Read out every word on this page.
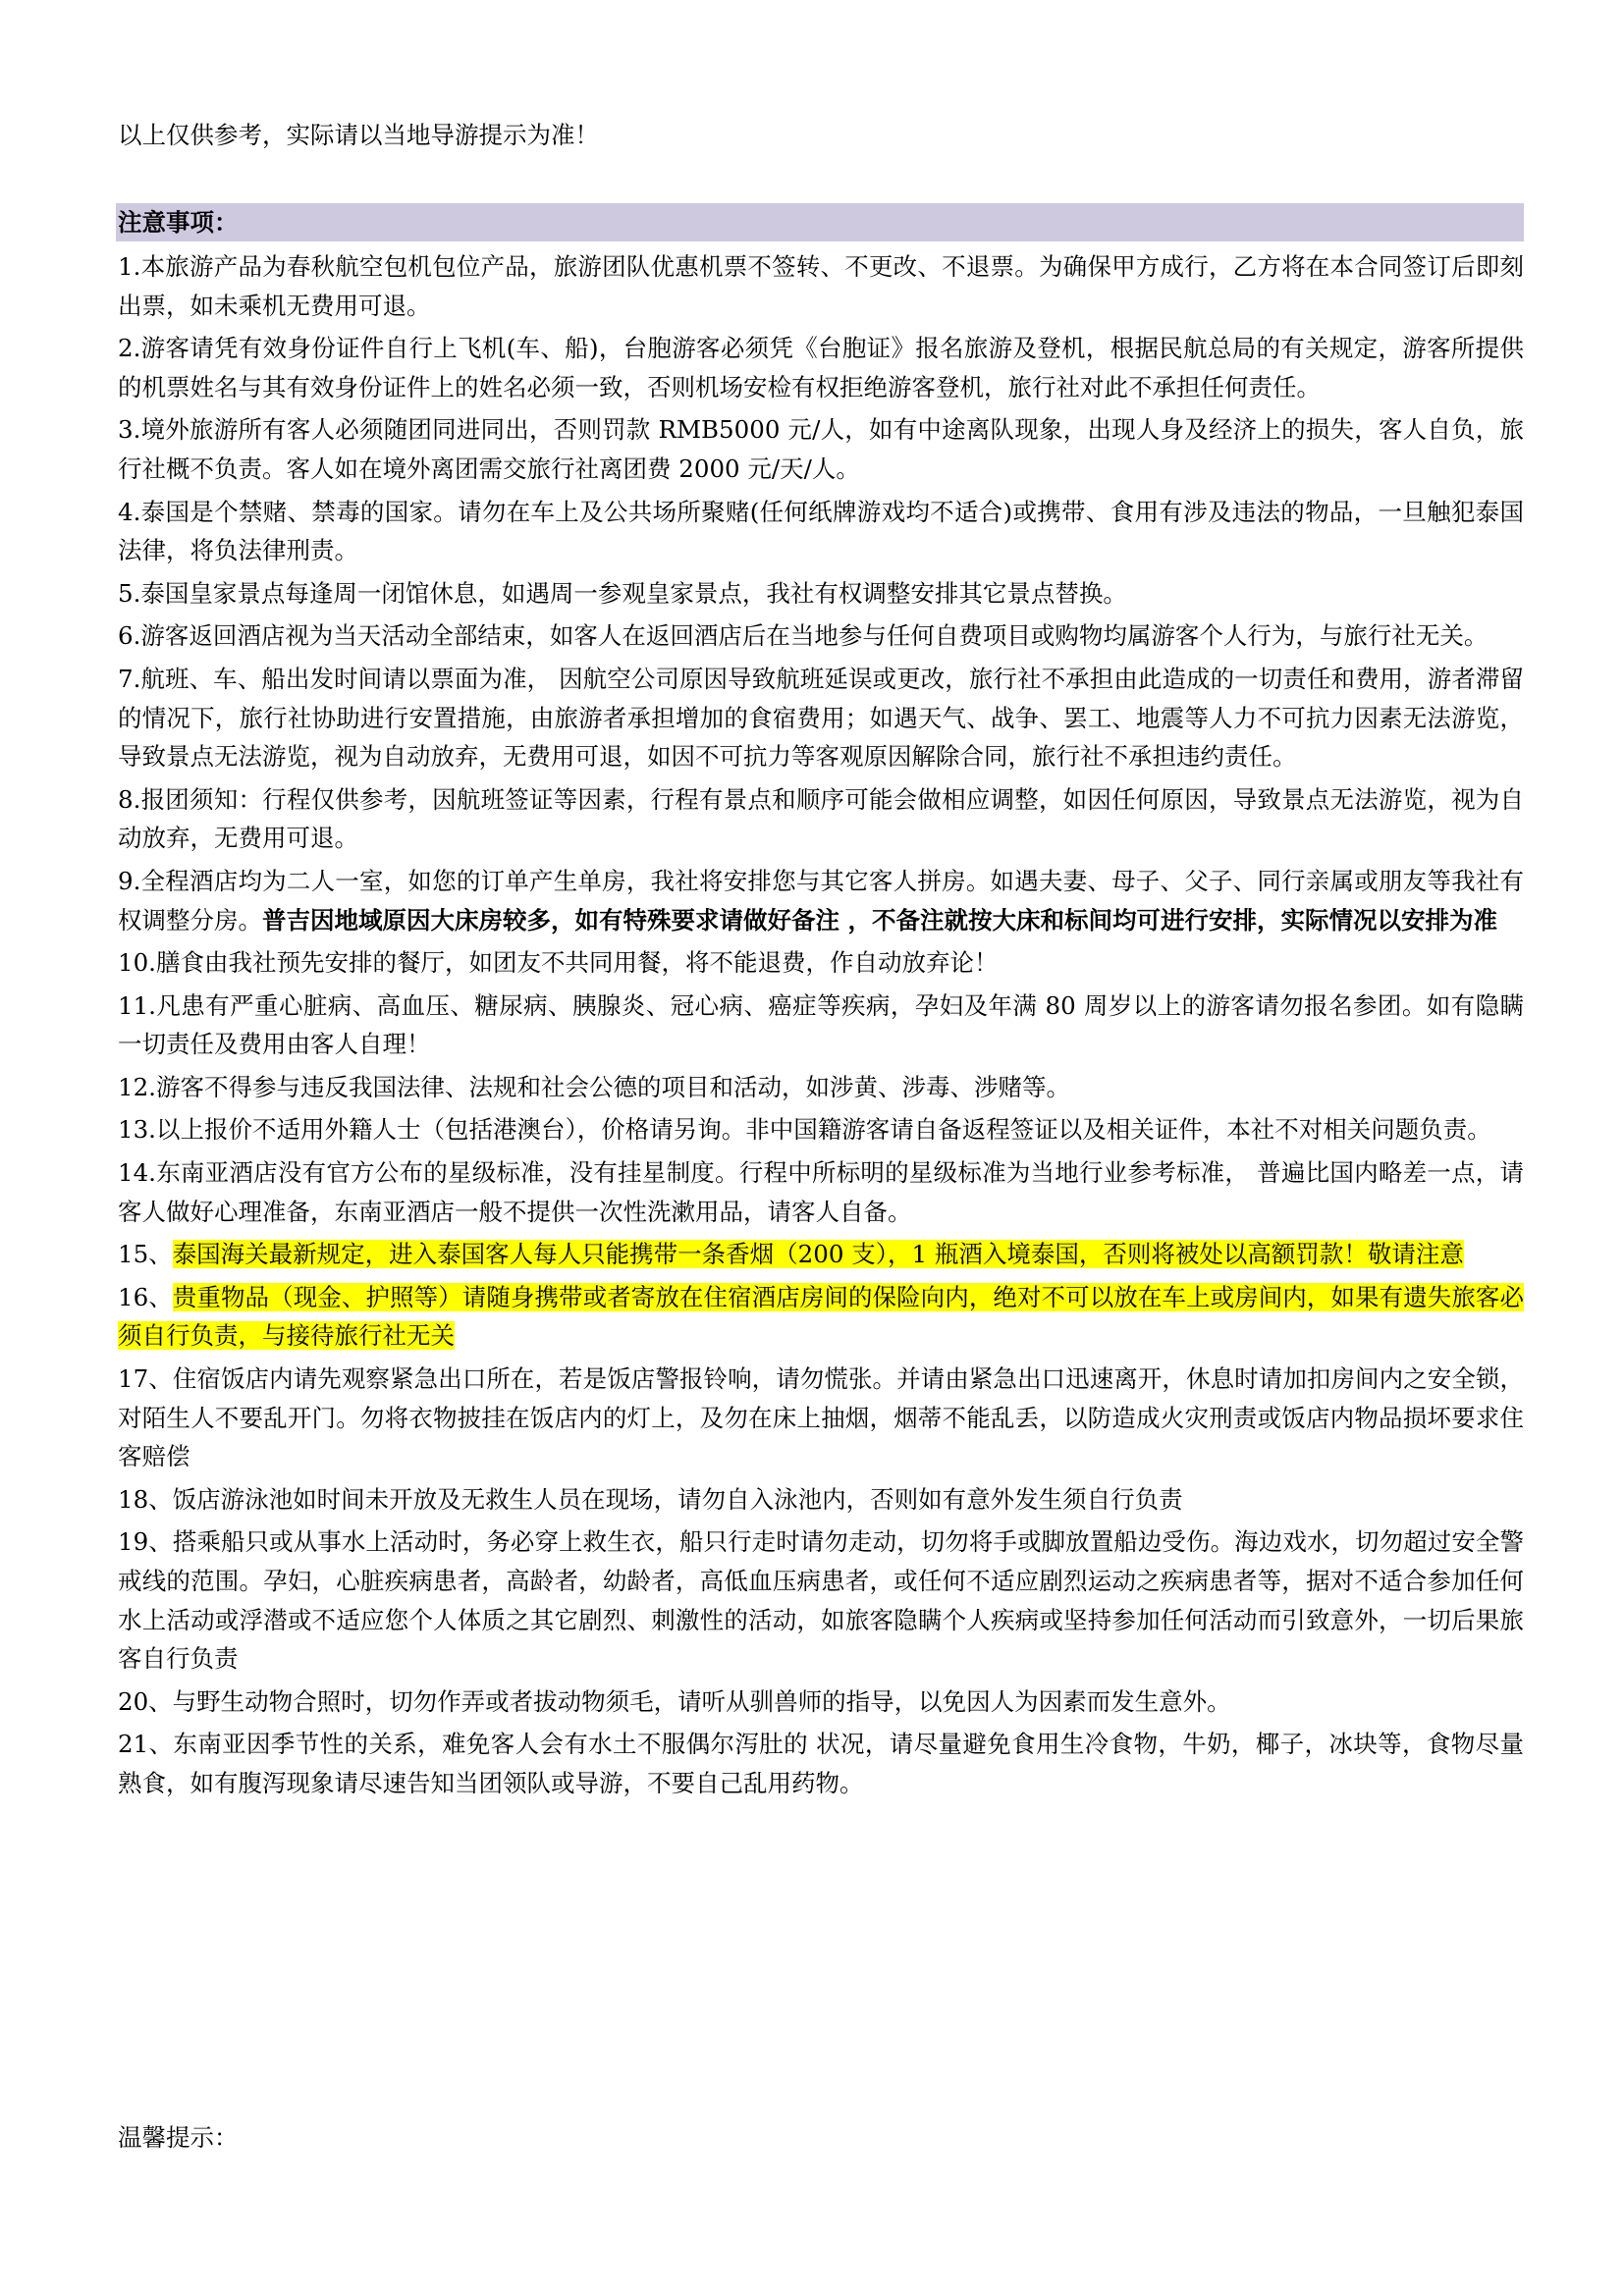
以上仅供参考，实际请以当地导游提示为准！
注意事项：

1.本旅游产品为春秋航空包机包位产品，旅游团队优惠机票不签转、不更改、不退票。为确保甲方成行，乙方将在本合同签订后即刻出票，如未乘机无费用可退。

2.游客请凭有效身份证件自行上飞机(车、船)，台胞游客必须凭《台胞证》报名旅游及登机，根据民航总局的有关规定，游客所提供的机票姓名与其有效身份证件上的姓名必须一致，否则机场安检有权拒绝游客登机，旅行社对此不承担任何责任。

3.境外旅游所有客人必须随团同进同出，否则罚款 RMB5000 元/人，如有中途离队现象，出现人身及经济上的损失，客人自负，旅行社概不负责。客人如在境外离团需交旅行社离团费 2000 元/天/人。

4.泰国是个禁赌、禁毒的国家。请勿在车上及公共场所聚赌(任何纸牌游戏均不适合)或携带、食用有涉及违法的物品，一旦触犯泰国法律，将负法律刑责。

5.泰国皇家景点每逢周一闭馆休息，如遇周一参观皇家景点，我社有权调整安排其它景点替换。

6.游客返回酒店视为当天活动全部结束，如客人在返回酒店后在当地参与任何自费项目或购物均属游客个人行为，与旅行社无关。

7.航班、车、船出发时间请以票面为准， 因航空公司原因导致航班延误或更改，旅行社不承担由此造成的一切责任和费用，游者滞留的情况下，旅行社协助进行安置措施，由旅游者承担增加的食宿费用；如遇天气、战争、罢工、地震等人力不可抗力因素无法游览，导致景点无法游览，视为自动放弃，无费用可退，如因不可抗力等客观原因解除合同，旅行社不承担违约责任。

8.报团须知：行程仅供参考，因航班签证等因素，行程有景点和顺序可能会做相应调整，如因任何原因，导致景点无法游览，视为自动放弃，无费用可退。

9.全程酒店均为二人一室，如您的订单产生单房，我社将安排您与其它客人拼房。如遇夫妻、母子、父子、同行亲属或朋友等我社有权调整分房。普吉因地域原因大床房较多，如有特殊要求请做好备注 ，不备注就按大床和标间均可进行安排，实际情况以安排为准

10.膳食由我社预先安排的餐厅，如团友不共同用餐，将不能退费，作自动放弃论！

11.凡患有严重心脏病、高血压、糖尿病、胰腺炎、冠心病、癌症等疾病，孕妇及年满 80 周岁以上的游客请勿报名参团。如有隐瞒一切责任及费用由客人自理！

12.游客不得参与违反我国法律、法规和社会公德的项目和活动，如涉黄、涉毒、涉赌等。

13.以上报价不适用外籍人士（包括港澳台），价格请另询。非中国籍游客请自备返程签证以及相关证件，本社不对相关问题负责。

14.东南亚酒店没有官方公布的星级标准，没有挂星制度。行程中所标明的星级标准为当地行业参考标准， 普遍比国内略差一点，请客人做好心理准备，东南亚酒店一般不提供一次性洗漱用品，请客人自备。

15、泰国海关最新规定，进入泰国客人每人只能携带一条香烟（200 支），1 瓶酒入境泰国，否则将被处以高额罚款！敬请注意

16、贵重物品（现金、护照等）请随身携带或者寄放在住宿酒店房间的保险向内，绝对不可以放在车上或房间内，如果有遗失旅客必须自行负责，与接待旅行社无关

17、住宿饭店内请先观察紧急出口所在，若是饭店警报铃响，请勿慌张。并请由紧急出口迅速离开，休息时请加扣房间内之安全锁，对陌生人不要乱开门。勿将衣物披挂在饭店内的灯上，及勿在床上抽烟，烟蒂不能乱丢，以防造成火灾刑责或饭店内物品损坏要求住客赔偿

18、饭店游泳池如时间未开放及无救生人员在现场，请勿自入泳池内，否则如有意外发生须自行负责

19、搭乘船只或从事水上活动时，务必穿上救生衣，船只行走时请勿走动，切勿将手或脚放置船边受伤。海边戏水，切勿超过安全警戒线的范围。孕妇，心脏疾病患者，高龄者，幼龄者，高低血压病患者，或任何不适应剧烈运动之疾病患者等，据对不适合参加任何水上活动或浮潜或不适应您个人体质之其它剧烈、刺激性的活动，如旅客隐瞒个人疾病或坚持参加任何活动而引致意外，一切后果旅客自行负责

20、与野生动物合照时，切勿作弄或者拔动物须毛，请听从驯兽师的指导，以免因人为因素而发生意外。

21、东南亚因季节性的关系，难免客人会有水土不服偶尔泻肚的 状况，请尽量避免食用生冷食物，牛奶，椰子，冰块等，食物尽量熟食，如有腹泻现象请尽速告知当团领队或导游，不要自己乱用药物。

温馨提示：
